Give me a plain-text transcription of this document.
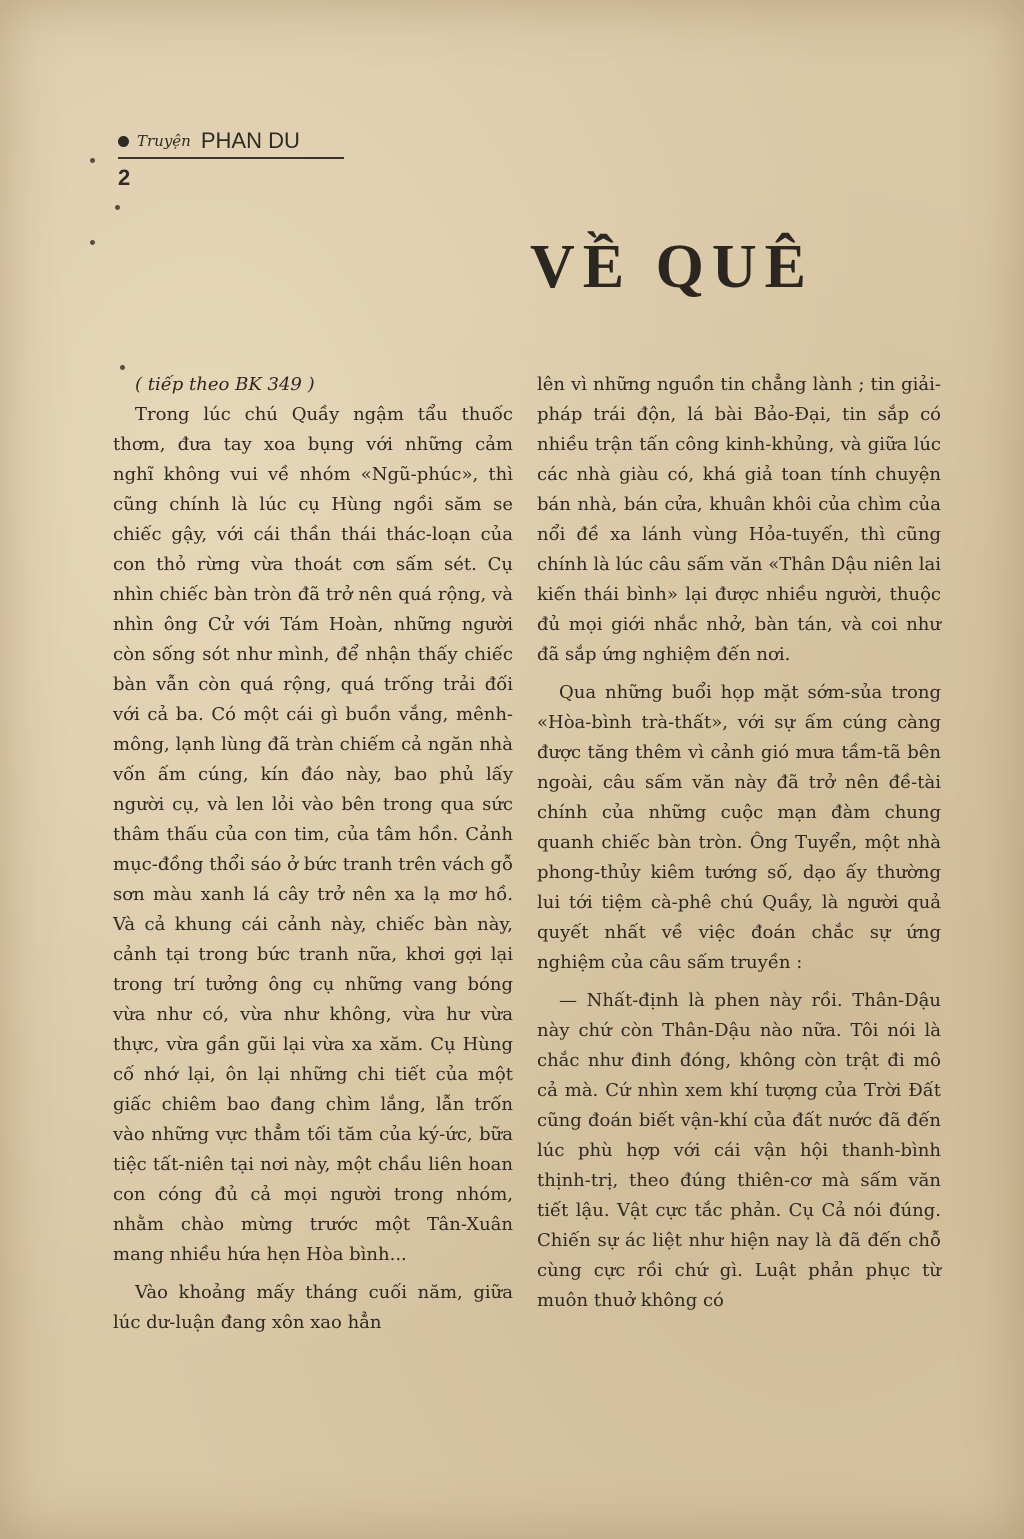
Truyện PHAN DU
2
VỀ QUÊ
( tiếp theo BK 349 )

Trong lúc chú Quầy ngậm tẩu thuốc thơm, đưa tay xoa bụng với những cảm nghĩ không vui về nhóm «Ngũ-phúc», thì cũng chính là lúc cụ Hùng ngồi săm se chiếc gậy, với cái thần thái thác-loạn của con thỏ rừng vừa thoát cơn sấm sét. Cụ nhìn chiếc bàn tròn đã trở nên quá rộng, và nhìn ông Cử với Tám Hoàn, những người còn sống sót như mình, để nhận thấy chiếc bàn vẫn còn quá rộng, quá trống trải đối với cả ba. Có một cái gì buồn vắng, mênh-mông, lạnh lùng đã tràn chiếm cả ngăn nhà vốn ấm cúng, kín đáo này, bao phủ lấy người cụ, và len lỏi vào bên trong qua sức thâm thấu của con tim, của tâm hồn. Cảnh mục-đồng thổi sáo ở bức tranh trên vách gỗ sơn màu xanh lá cây trở nên xa lạ mơ hồ. Và cả khung cái cảnh này, chiếc bàn này, cảnh tại trong bức tranh nữa, khơi gợi lại trong trí tưởng ông cụ những vang bóng vừa như có, vừa như không, vừa hư vừa thực, vừa gần gũi lại vừa xa xăm. Cụ Hùng cố nhớ lại, ôn lại những chi tiết của một giấc chiêm bao đang chìm lắng, lẫn trốn vào những vực thẳm tối tăm của ký-ức, bữa tiệc tất-niên tại nơi này, một chầu liên hoan con cóng đủ cả mọi người trong nhóm, nhằm chào mừng trước một Tân-Xuân mang nhiều hứa hẹn Hòa bình...

Vào khoảng mấy tháng cuối năm, giữa lúc dư-luận đang xôn xao hẳn

lên vì những nguồn tin chẳng lành ; tin giải-pháp trái độn, lá bài Bảo-Đại, tin sắp có nhiều trận tấn công kinh-khủng, và giữa lúc các nhà giàu có, khá giả toan tính chuyện bán nhà, bán cửa, khuân khôi của chìm của nổi đề xa lánh vùng Hỏa-tuyến, thì cũng chính là lúc câu sấm văn «Thân Dậu niên lai kiến thái bình» lại được nhiều người, thuộc đủ mọi giới nhắc nhở, bàn tán, và coi như đã sắp ứng nghiệm đến nơi.

Qua những buổi họp mặt sớm-sủa trong «Hòa-bình trà-thất», với sự ấm cúng càng được tăng thêm vì cảnh gió mưa tầm-tã bên ngoài, câu sấm văn này đã trở nên đề-tài chính của những cuộc mạn đàm chung quanh chiếc bàn tròn. Ông Tuyển, một nhà phong-thủy kiêm tướng số, dạo ấy thường lui tới tiệm cà-phê chú Quầy, là người quả quyết nhất về việc đoán chắc sự ứng nghiệm của câu sấm truyền :

— Nhất-định là phen này rồi. Thân-Dậu này chứ còn Thân-Dậu nào nữa. Tôi nói là chắc như đinh đóng, không còn trật đi mô cả mà. Cứ nhìn xem khí tượng của Trời Đất cũng đoán biết vận-khí của đất nước đã đến lúc phù hợp với cái vận hội thanh-bình thịnh-trị, theo đúng thiên-cơ mà sấm văn tiết lậu. Vật cực tắc phản. Cụ Cả nói đúng. Chiến sự ác liệt như hiện nay là đã đến chỗ cùng cực rồi chứ gì. Luật phản phục từ muôn thuở không có
